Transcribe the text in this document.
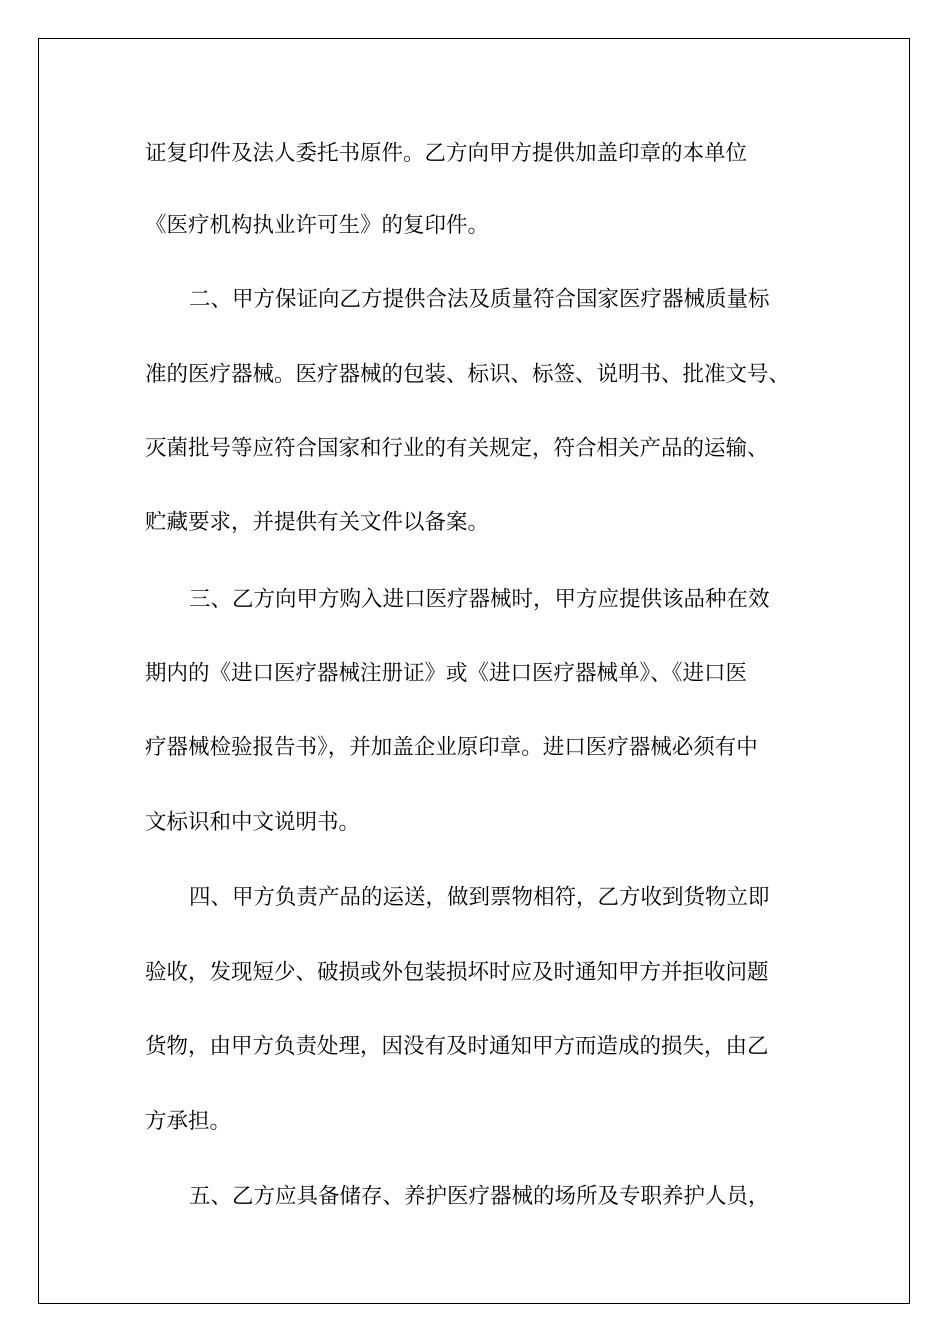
证复印件及法人委托书原件。乙方向甲方提供加盖印章的本单位
《医疗机构执业许可生》的复印件。
二、甲方保证向乙方提供合法及质量符合国家医疗器械质量标
准的医疗器械。医疗器械的包装、标识、标签、说明书、批准文号、
灭菌批号等应符合国家和行业的有关规定，符合相关产品的运输、
贮藏要求，并提供有关文件以备案。
三、乙方向甲方购入进口医疗器械时，甲方应提供该品种在效
期内的《进口医疗器械注册证》或《进口医疗器械单》、《进口医
疗器械检验报告书》，并加盖企业原印章。进口医疗器械必须有中
文标识和中文说明书。
四、甲方负责产品的运送，做到票物相符，乙方收到货物立即
验收，发现短少、破损或外包装损坏时应及时通知甲方并拒收问题
货物，由甲方负责处理，因没有及时通知甲方而造成的损失，由乙
方承担。
五、乙方应具备储存、养护医疗器械的场所及专职养护人员，
